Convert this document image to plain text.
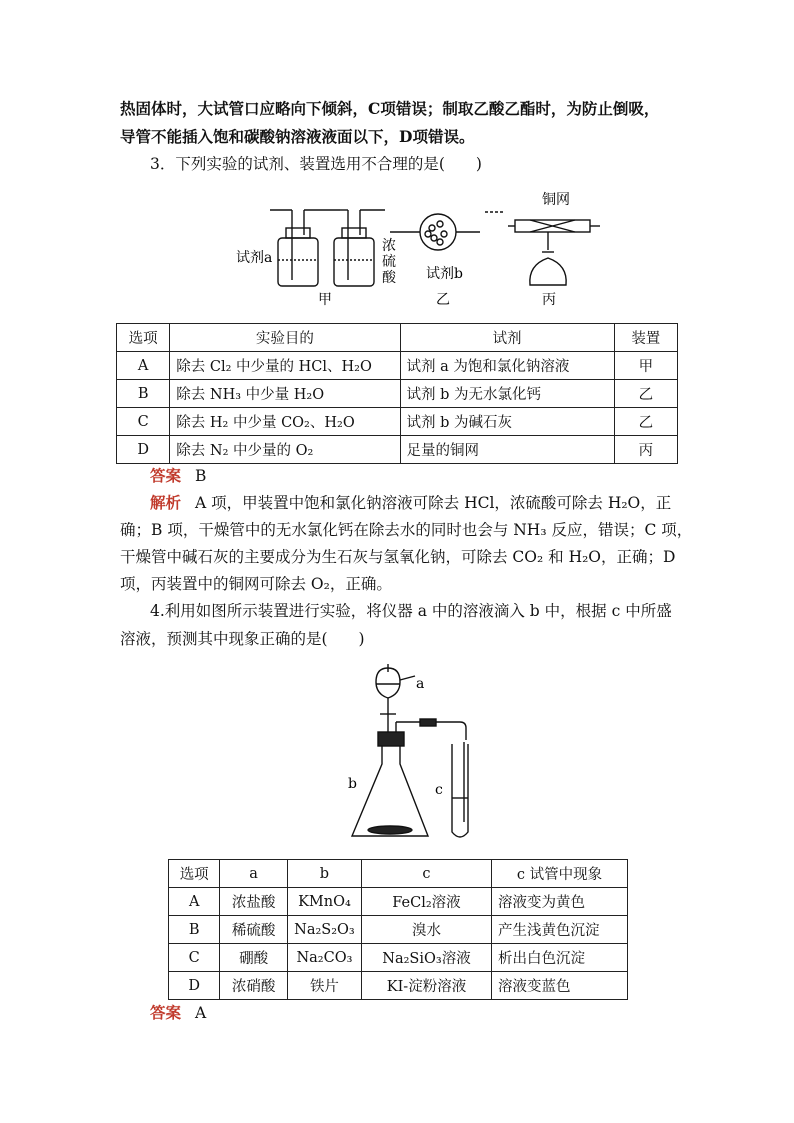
热固体时，大试管口应略向下倾斜，C项错误；制取乙酸乙酯时，为防止倒吸，
导管不能插入饱和碳酸钠溶液液面以下，D项错误。
3．下列实验的试剂、装置选用不合理的是(　　)
试剂a
浓
硫
酸 试剂b
铜网
甲	乙	丙
选项	实验目的	试剂	装置
A	除去 Cl₂ 中少量的 HCl、H₂O	试剂 a 为饱和氯化钠溶液	甲
B	除去 NH₃ 中少量 H₂O	试剂 b 为无水氯化钙	乙
C	除去 H₂ 中少量 CO₂、H₂O	试剂 b 为碱石灰	乙
D	除去 N₂ 中少量的 O₂	足量的铜网	丙
答案 B
解析 A 项，甲装置中饱和氯化钠溶液可除去 HCl，浓硫酸可除去 H₂O，正
确；B 项，干燥管中的无水氯化钙在除去水的同时也会与 NH₃ 反应，错误；C 项，
干燥管中碱石灰的主要成分为生石灰与氢氧化钠，可除去 CO₂ 和 H₂O，正确；D
项，丙装置中的铜网可除去 O₂，正确。
4.利用如图所示装置进行实验，将仪器 a 中的溶液滴入 b 中，根据 c 中所盛
溶液，预测其中现象正确的是(　　)
a
b	c
选项	a	b	c	c 试管中现象
A	浓盐酸	KMnO₄	FeCl₂溶液	溶液变为黄色
B	稀硫酸	Na₂S₂O₃	溴水	产生浅黄色沉淀
C	硼酸	Na₂CO₃	Na₂SiO₃溶液	析出白色沉淀
D	浓硝酸	铁片	KI-淀粉溶液	溶液变蓝色
答案 A
